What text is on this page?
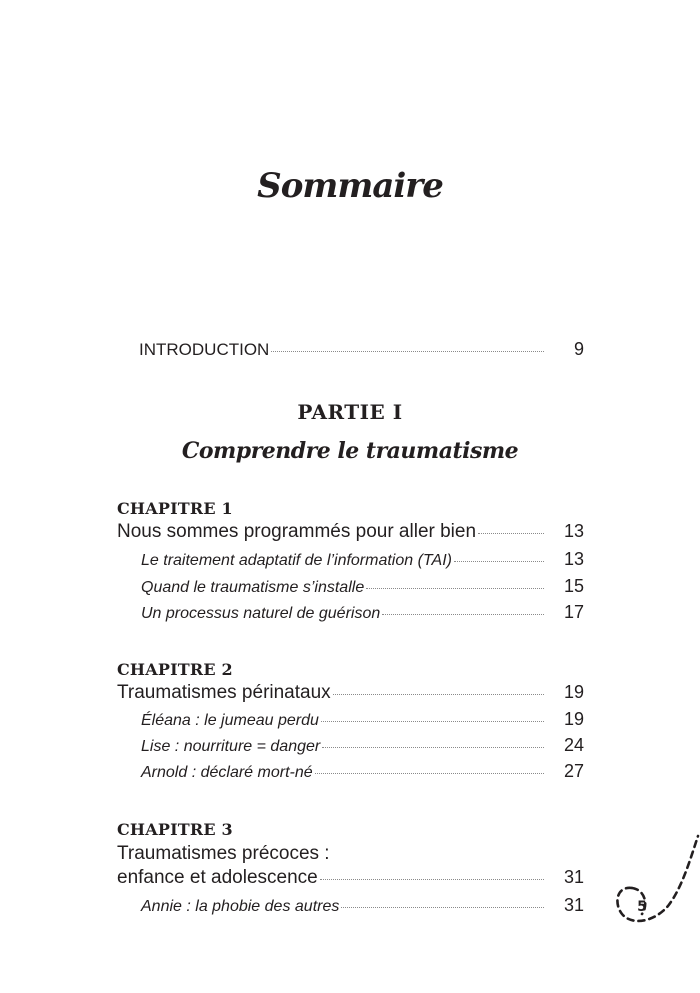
Sommaire
INTRODUCTION	9
PARTIE I
Comprendre le traumatisme
CHAPITRE 1
Nous sommes programmés pour aller bien	13
Le traitement adaptatif de l’information (TAI)	13
Quand le traumatisme s’installe	15
Un processus naturel de guérison	17
CHAPITRE 2
Traumatismes périnataux	19
Éléana : le jumeau perdu	19
Lise : nourriture = danger	24
Arnold : déclaré mort-né	27
CHAPITRE 3
Traumatismes précoces :
enfance et adolescence	31
Annie : la phobie des autres	31	5
